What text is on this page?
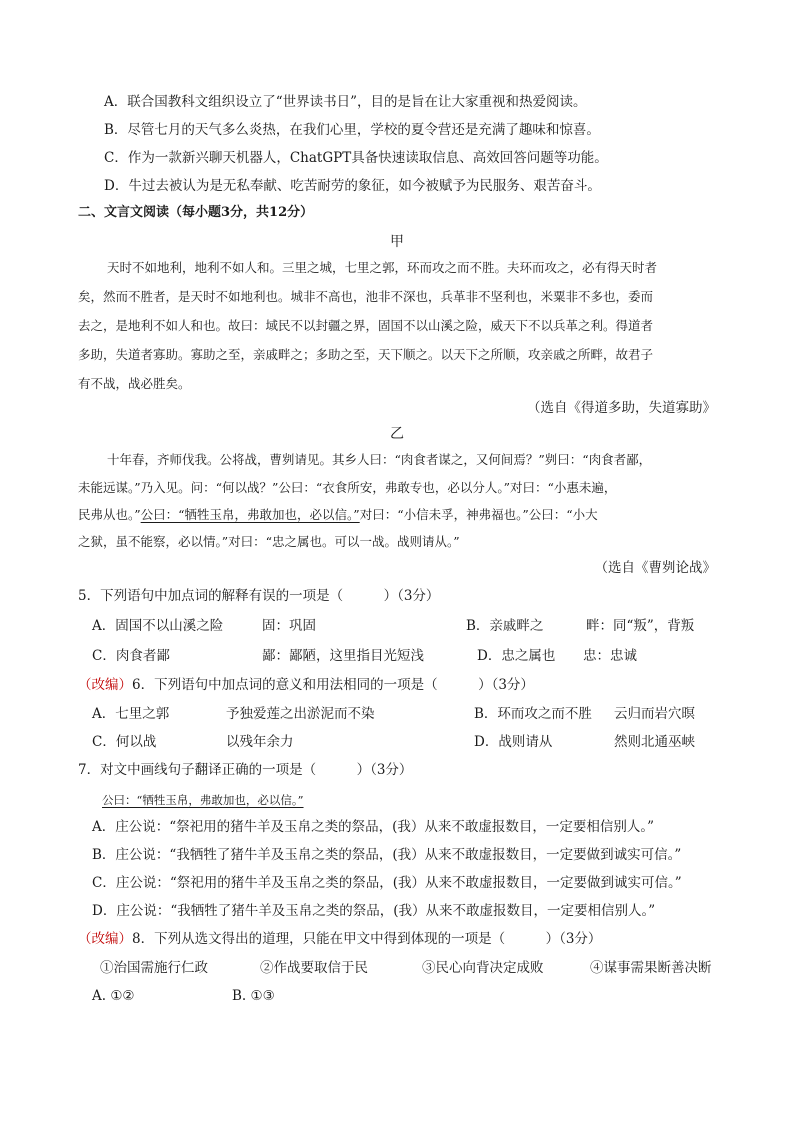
A．联合国教科文组织设立了“世界读书日”，目的是旨在让大家重视和热爱阅读。
B．尽管七月的天气多么炎热，在我们心里，学校的夏令营还是充满了趣味和惊喜。
C．作为一款新兴聊天机器人，ChatGPT具备快速读取信息、高效回答问题等功能。
D．牛过去被认为是无私奉献、吃苦耐劳的象征，如今被赋予为民服务、艰苦奋斗。
二、文言文阅读（每小题3分，共12分）
甲
天时不如地利，地利不如人和。三里之城，七里之郭，环而攻之而不胜。夫环而攻之，必有得天时者
矣，然而不胜者，是天时不如地利也。城非不高也，池非不深也，兵革非不坚利也，米粟非不多也，委而
去之，是地利不如人和也。故曰：域民不以封疆之界，固国不以山溪之险，威天下不以兵革之利。得道者
多助，失道者寡助。寡助之至，亲戚畔之；多助之至，天下顺之。以天下之所顺，攻亲戚之所畔，故君子
有不战，战必胜矣。
（选自《得道多助，失道寡助》
乙
十年春，齐师伐我。公将战，曹刿请见。其乡人曰：“肉食者谋之，又何间焉？”刿曰：“肉食者鄙，
未能远谋。”乃入见。问：“何以战？”公曰：“衣食所安，弗敢专也，必以分人。”对曰：“小惠未遍，
民弗从也。”公曰：“牺牲玉帛，弗敢加也，必以信。”对曰：“小信未孚，神弗福也。”公曰：“小大
之狱，虽不能察，必以情。”对曰：“忠之属也。可以一战。战则请从。”
（选自《曹刿论战》
5．下列语句中加点词的解释有误的一项是（　　　）（3分）
A．固国不以山溪之险	固：巩固	B．亲戚畔之	畔：同“叛”，背叛
C．肉食者鄙	鄙：鄙陋，这里指目光短浅	D．忠之属也 忠：忠诚
（改编）6．下列语句中加点词的意义和用法相同的一项是（　　　）（3分）
A．七里之郭	予独爱莲之出淤泥而不染	B．环而攻之而不胜 云归而岩穴暝
C．何以战	以残年余力	D．战则请从	然则北通巫峡
7．对文中画线句子翻译正确的一项是（　　　）（3分）
公曰：“牺牲玉帛，弗敢加也，必以信。”
A．庄公说：“祭祀用的猪牛羊及玉帛之类的祭品，(我）从来不敢虚报数目，一定要相信别人。”
B．庄公说：“我牺牲了猪牛羊及玉帛之类的祭品，(我）从来不敢虚报数目，一定要做到诚实可信。”
C．庄公说：“祭祀用的猪牛羊及玉帛之类的祭品，(我）从来不敢虚报数目，一定要做到诚实可信。”
D．庄公说：“我牺牲了猪牛羊及玉帛之类的祭品，(我）从来不敢虚报数目，一定要相信别人。”
（改编）8．下列从选文得出的道理，只能在甲文中得到体现的一项是（　　　）（3分）
①治国需施行仁政	②作战要取信于民	③民心向背决定成败	④谋事需果断善决断
A. ①②	B. ①③
